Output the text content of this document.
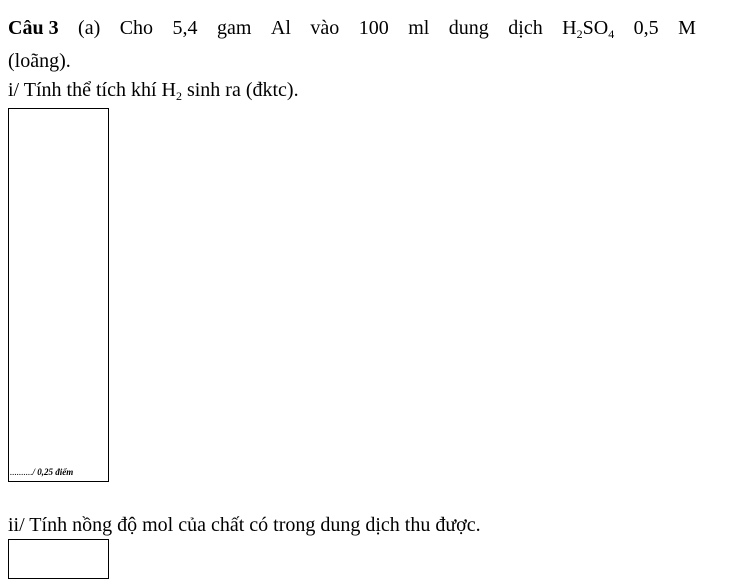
Câu 3 (a) Cho 5,4 gam Al vào 100 ml dung dịch $H_2SO_4$ 0,5 M
(loãng).
i/ Tính thể tích khí $H_2$ sinh ra (đktc).
........../ 0,25 điểm
ii/ Tính nồng độ mol của chất có trong dung dịch thu được.
